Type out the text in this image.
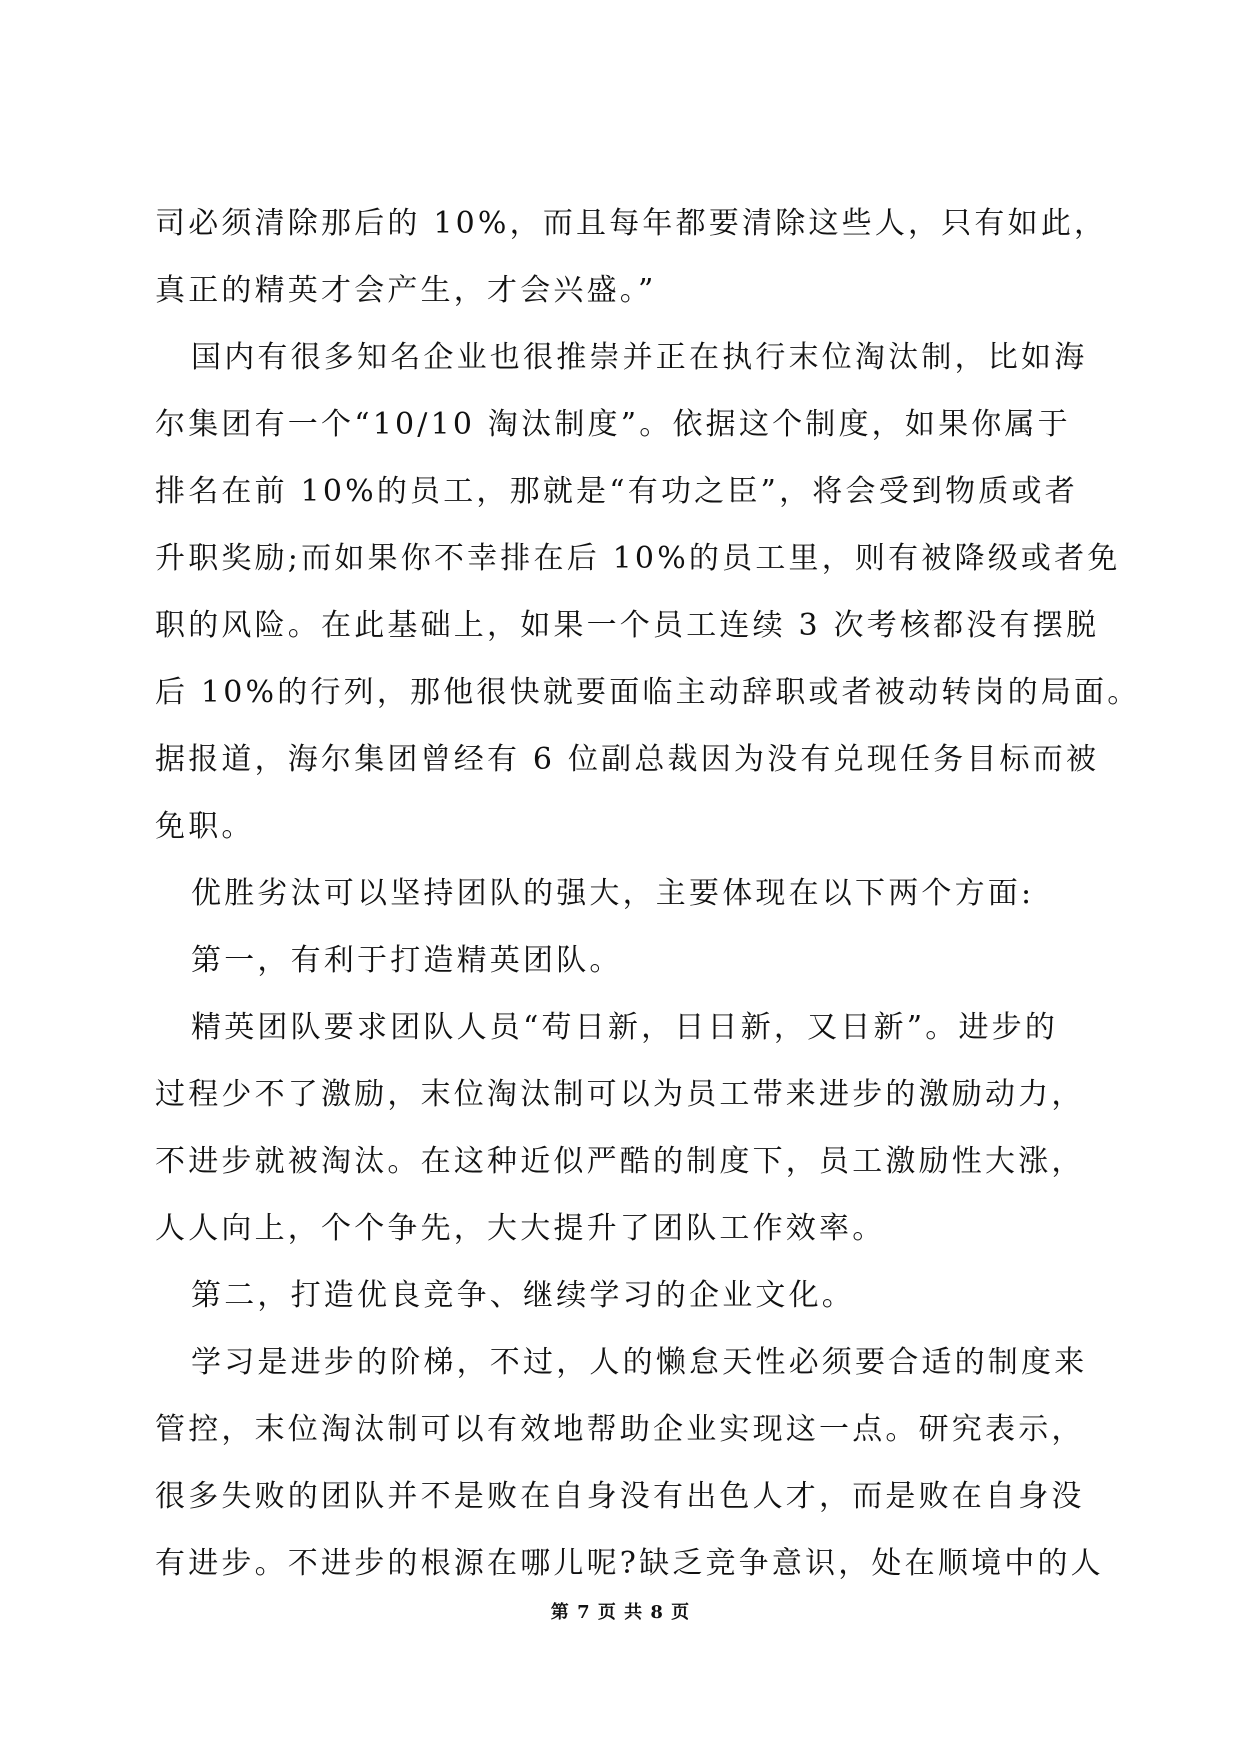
司必须清除那后的 10%，而且每年都要清除这些人，只有如此，
真正的精英才会产生，才会兴盛。”
国内有很多知名企业也很推崇并正在执行末位淘汰制，比如海
尔集团有一个“10/10 淘汰制度”。依据这个制度，如果你属于
排名在前 10%的员工，那就是“有功之臣”，将会受到物质或者
升职奖励;而如果你不幸排在后 10%的员工里，则有被降级或者免
职的风险。在此基础上，如果一个员工连续 3 次考核都没有摆脱
后 10%的行列，那他很快就要面临主动辞职或者被动转岗的局面。
据报道，海尔集团曾经有 6 位副总裁因为没有兑现任务目标而被
免职。
优胜劣汰可以坚持团队的强大，主要体现在以下两个方面:
第一，有利于打造精英团队。
精英团队要求团队人员“苟日新，日日新，又日新”。进步的
过程少不了激励，末位淘汰制可以为员工带来进步的激励动力，
不进步就被淘汰。在这种近似严酷的制度下，员工激励性大涨，
人人向上，个个争先，大大提升了团队工作效率。
第二，打造优良竞争、继续学习的企业文化。
学习是进步的阶梯，不过，人的懒怠天性必须要合适的制度来
管控，末位淘汰制可以有效地帮助企业实现这一点。研究表示，
很多失败的团队并不是败在自身没有出色人才，而是败在自身没
有进步。不进步的根源在哪儿呢?缺乏竞争意识，处在顺境中的人
第 7 页 共 8 页
